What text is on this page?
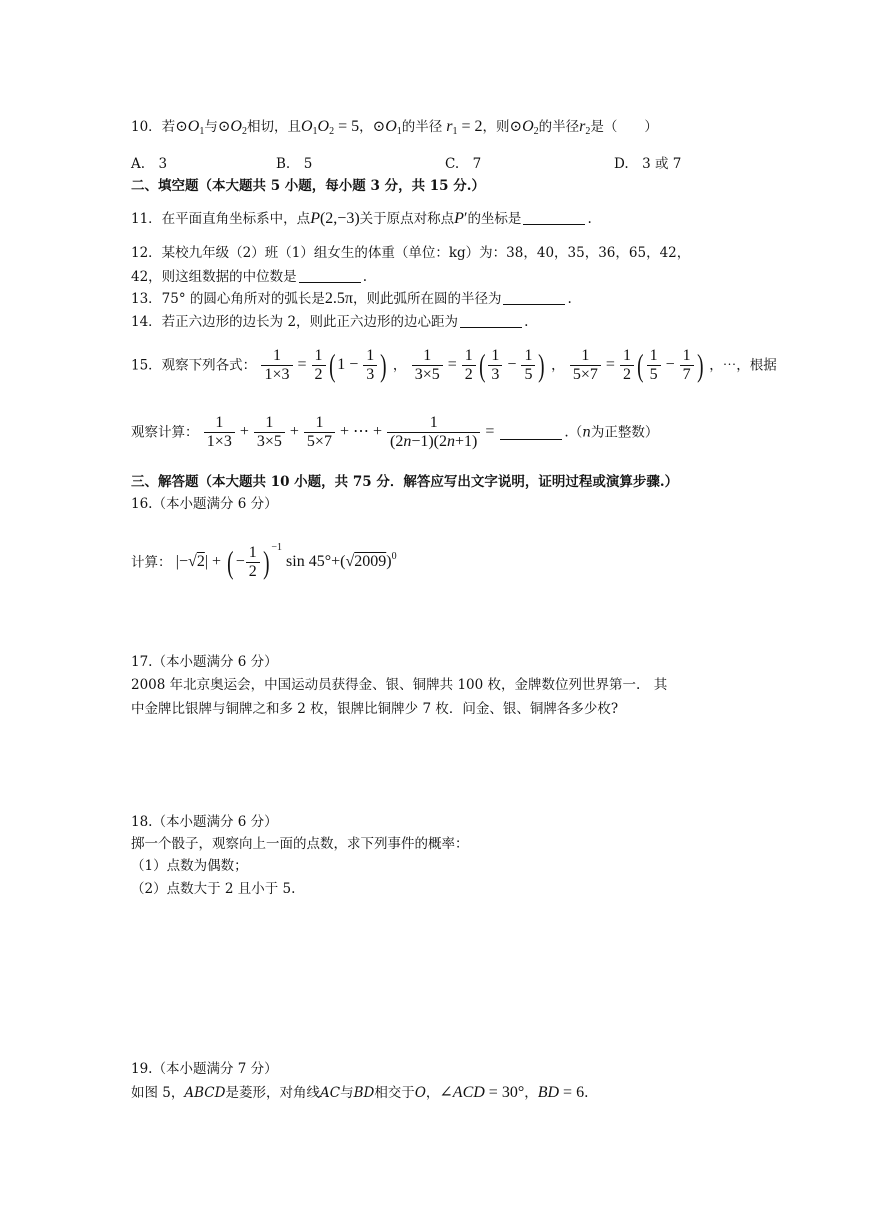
10．若$⊙O_1$与$⊙O_2$相切，且$O_1O_2 = 5$，$⊙O_1$的半径 $r_1 = 2$，则$⊙O_2$的半径$r_2$是（　　）
A.　3	B.　5	C.　7	D.　3 或 7
二、填空题（本大题共 5 小题，每小题 3 分，共 15 分.）
11．在平面直角坐标系中，点P(2,−3)关于原点对称点P′的坐标是	.
12．某校九年级（2）班（1）组女生的体重（单位：kg）为：38，40，35，36，65，42，
42，则这组数据的中位数是	.
13．75° 的圆心角所对的弧长是2.5π，则此弧所在圆的半径为	.
14．若正六边形的边长为 2，则此正六边形的边心距为	.
15．观察下列各式： $\frac{1}{1\times 3} = \frac{1}{2}$ ( $1 - \frac{1}{3}$ ) ， $\frac{1}{3\times 5} = \frac{1}{2}$ ( $\frac{1}{3} - \frac{1}{5}$ ) ， $\frac{1}{5\times 7} = \frac{1}{2}$ ( $\frac{1}{5} - \frac{1}{7}$ ) ，⋯，根据
观察计算： $\frac{1}{1\times 3} + \frac{1}{3\times 5} + \frac{1}{5\times 7}$ + ⋯ + $\frac{1}{(2n-1)(2n+1)}$ =	.（n为正整数）
三、解答题（本大题共 10 小题，共 75 分．解答应写出文字说明，证明过程或演算步骤.）
16.（本小题满分 6 分）
计算： |−√2| + ( − $\frac{1}{2}$ ) $^{-1}$ $\sin 45^\circ+(√2009)^0$
17.（本小题满分 6 分）
2008 年北京奥运会，中国运动员获得金、银、铜牌共 100 枚，金牌数位列世界第一.　其
中金牌比银牌与铜牌之和多 2 枚，银牌比铜牌少 7 枚．问金、银、铜牌各多少枚?
18.（本小题满分 6 分）
掷一个骰子，观察向上一面的点数，求下列事件的概率：
（1）点数为偶数；
（2）点数大于 2 且小于 5.
19.（本小题满分 7 分）
如图 5，ABCD是菱形，对角线AC与BD相交于O，∠ACD = 30°，BD = 6.
